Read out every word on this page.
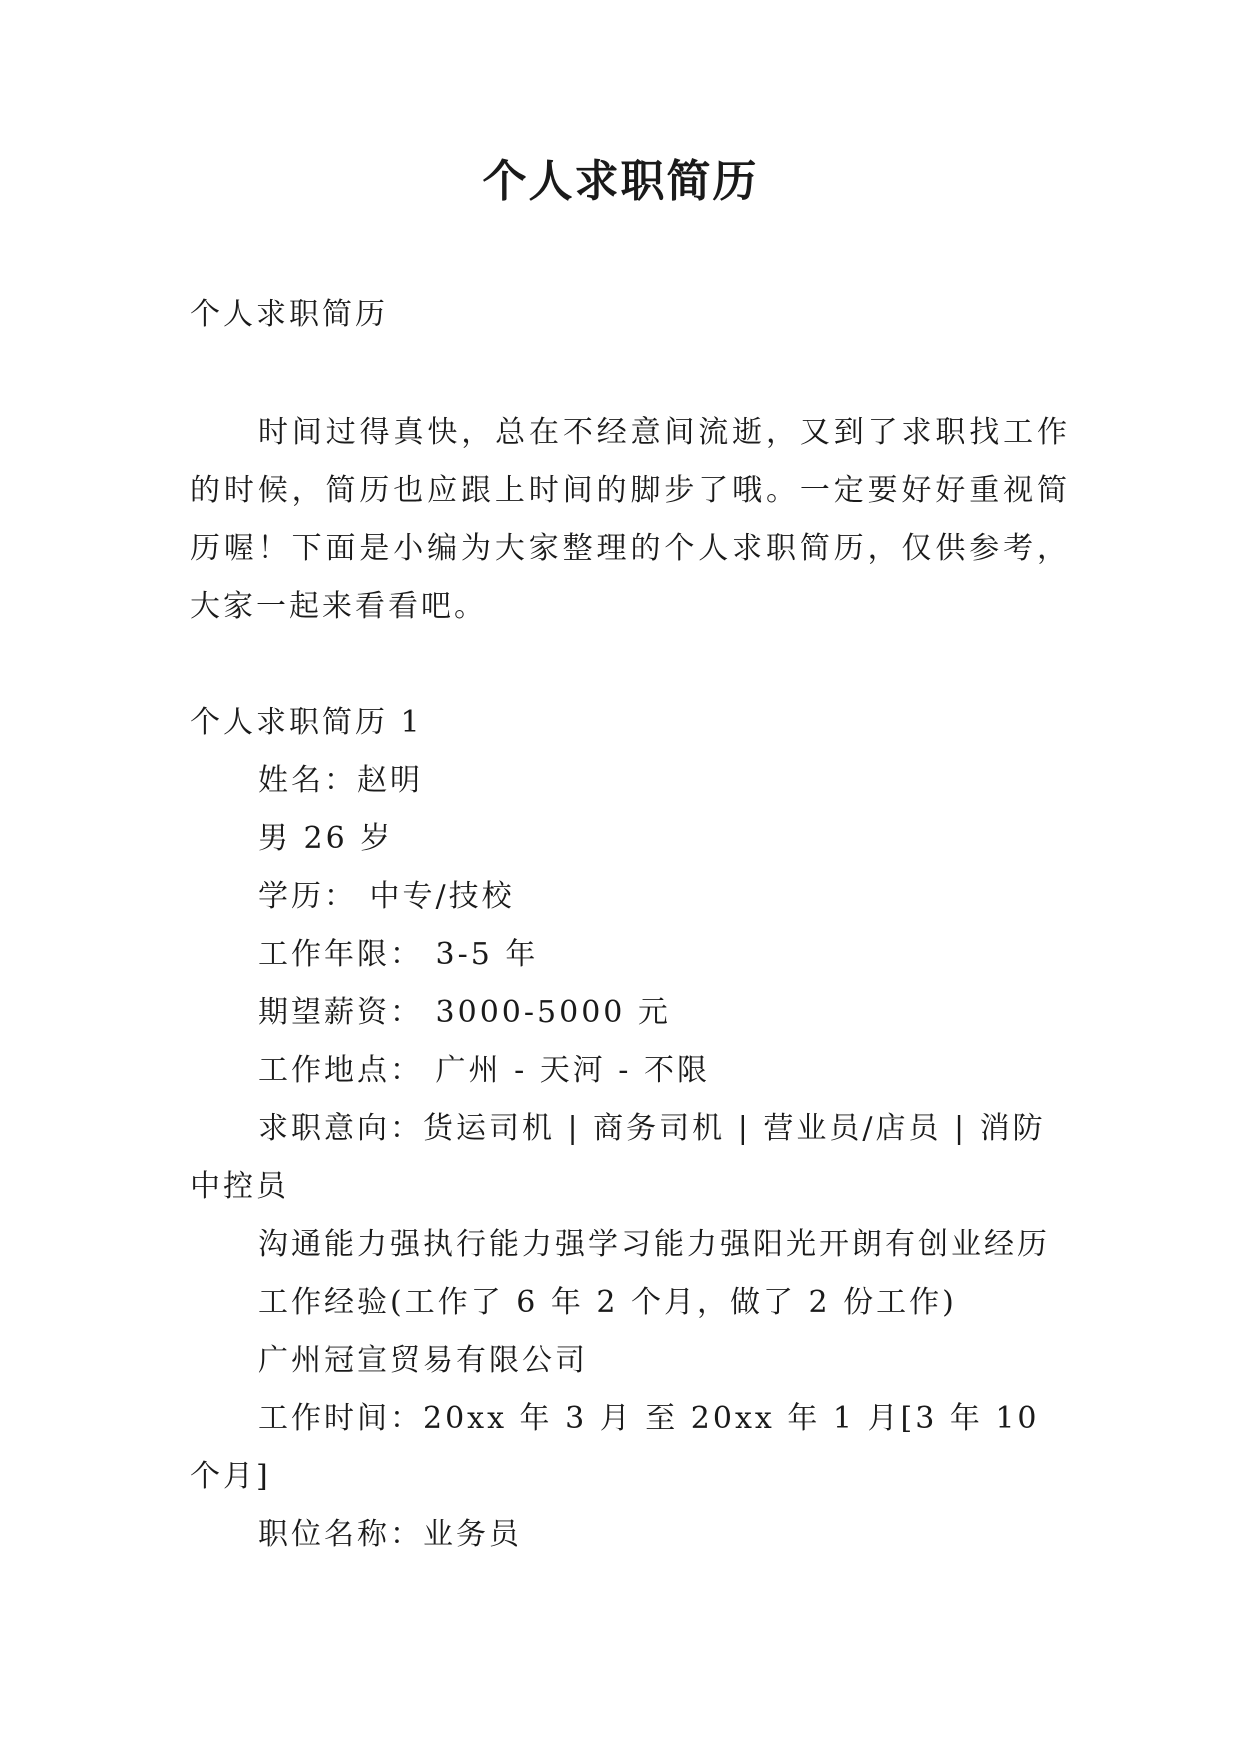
个人求职简历

个人求职简历

时间过得真快，总在不经意间流逝，又到了求职找工作的时候，简历也应跟上时间的脚步了哦。一定要好好重视简历喔！下面是小编为大家整理的个人求职简历，仅供参考，大家一起来看看吧。

个人求职简历 1

姓名：赵明

男 26 岁

学历： 中专/技校

工作年限： 3-5 年

期望薪资： 3000-5000 元

工作地点： 广州 - 天河 - 不限

求职意向：货运司机 | 商务司机 | 营业员/店员 | 消防中控员

沟通能力强执行能力强学习能力强阳光开朗有创业经历

工作经验(工作了 6 年 2 个月，做了 2 份工作)

广州冠宣贸易有限公司

工作时间：20xx 年 3 月 至 20xx 年 1 月[3 年 10 个月]

职位名称：业务员
